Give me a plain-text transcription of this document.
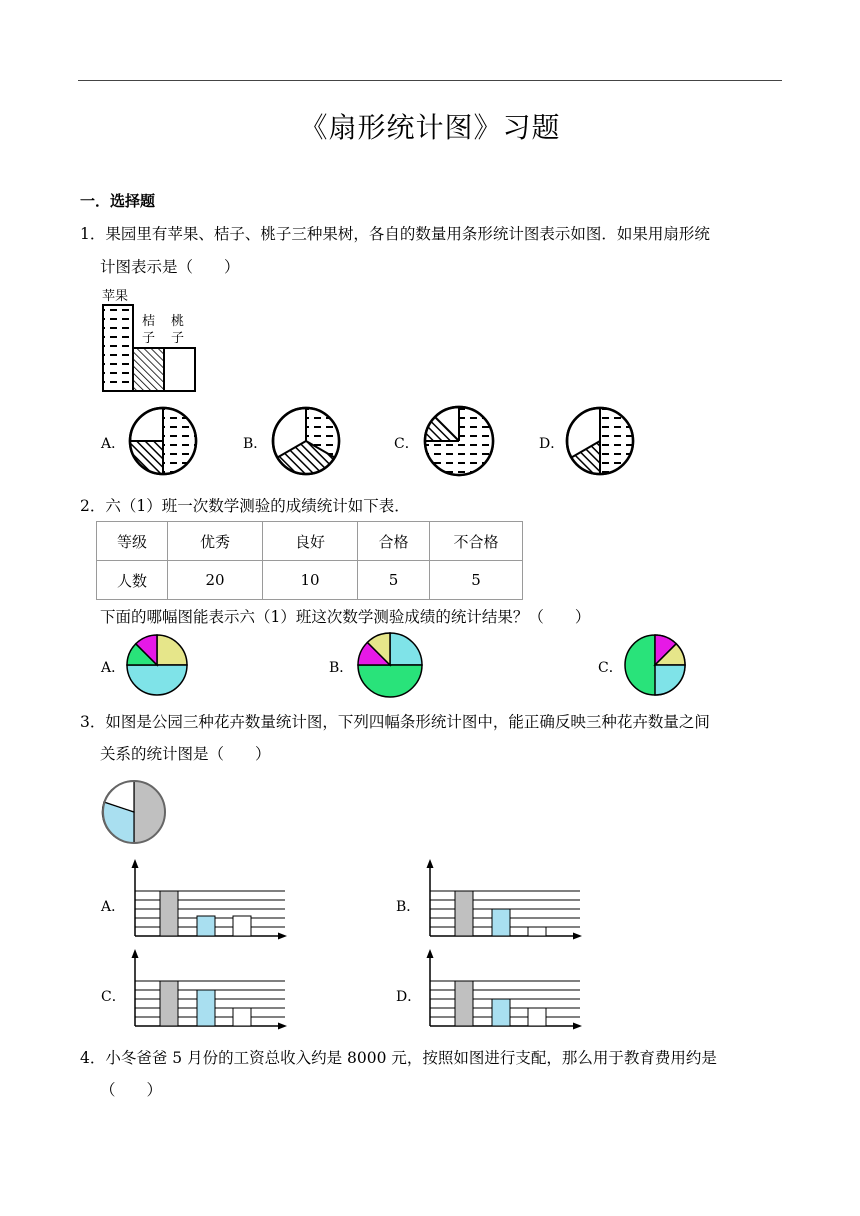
《扇形统计图》习题
一．选择题
1．果园里有苹果、桔子、桃子三种果树，各自的数量用条形统计图表示如图．如果用扇形统
计图表示是（　　）
苹果
桔
子
桃
子
A．	B．	C．	D．
2．六（1）班一次数学测验的成绩统计如下表．
等级	优秀	良好	合格	不合格
人数	20	10	5	5
下面的哪幅图能表示六（1）班这次数学测验成绩的统计结果？（　　）
A．	B．	C．
3．如图是公园三种花卉数量统计图，下列四幅条形统计图中，能正确反映三种花卉数量之间
关系的统计图是（　　）
A．	B．
C．	D．
4．小冬爸爸 5 月份的工资总收入约是 8000 元，按照如图进行支配，那么用于教育费用约是
（　　）
